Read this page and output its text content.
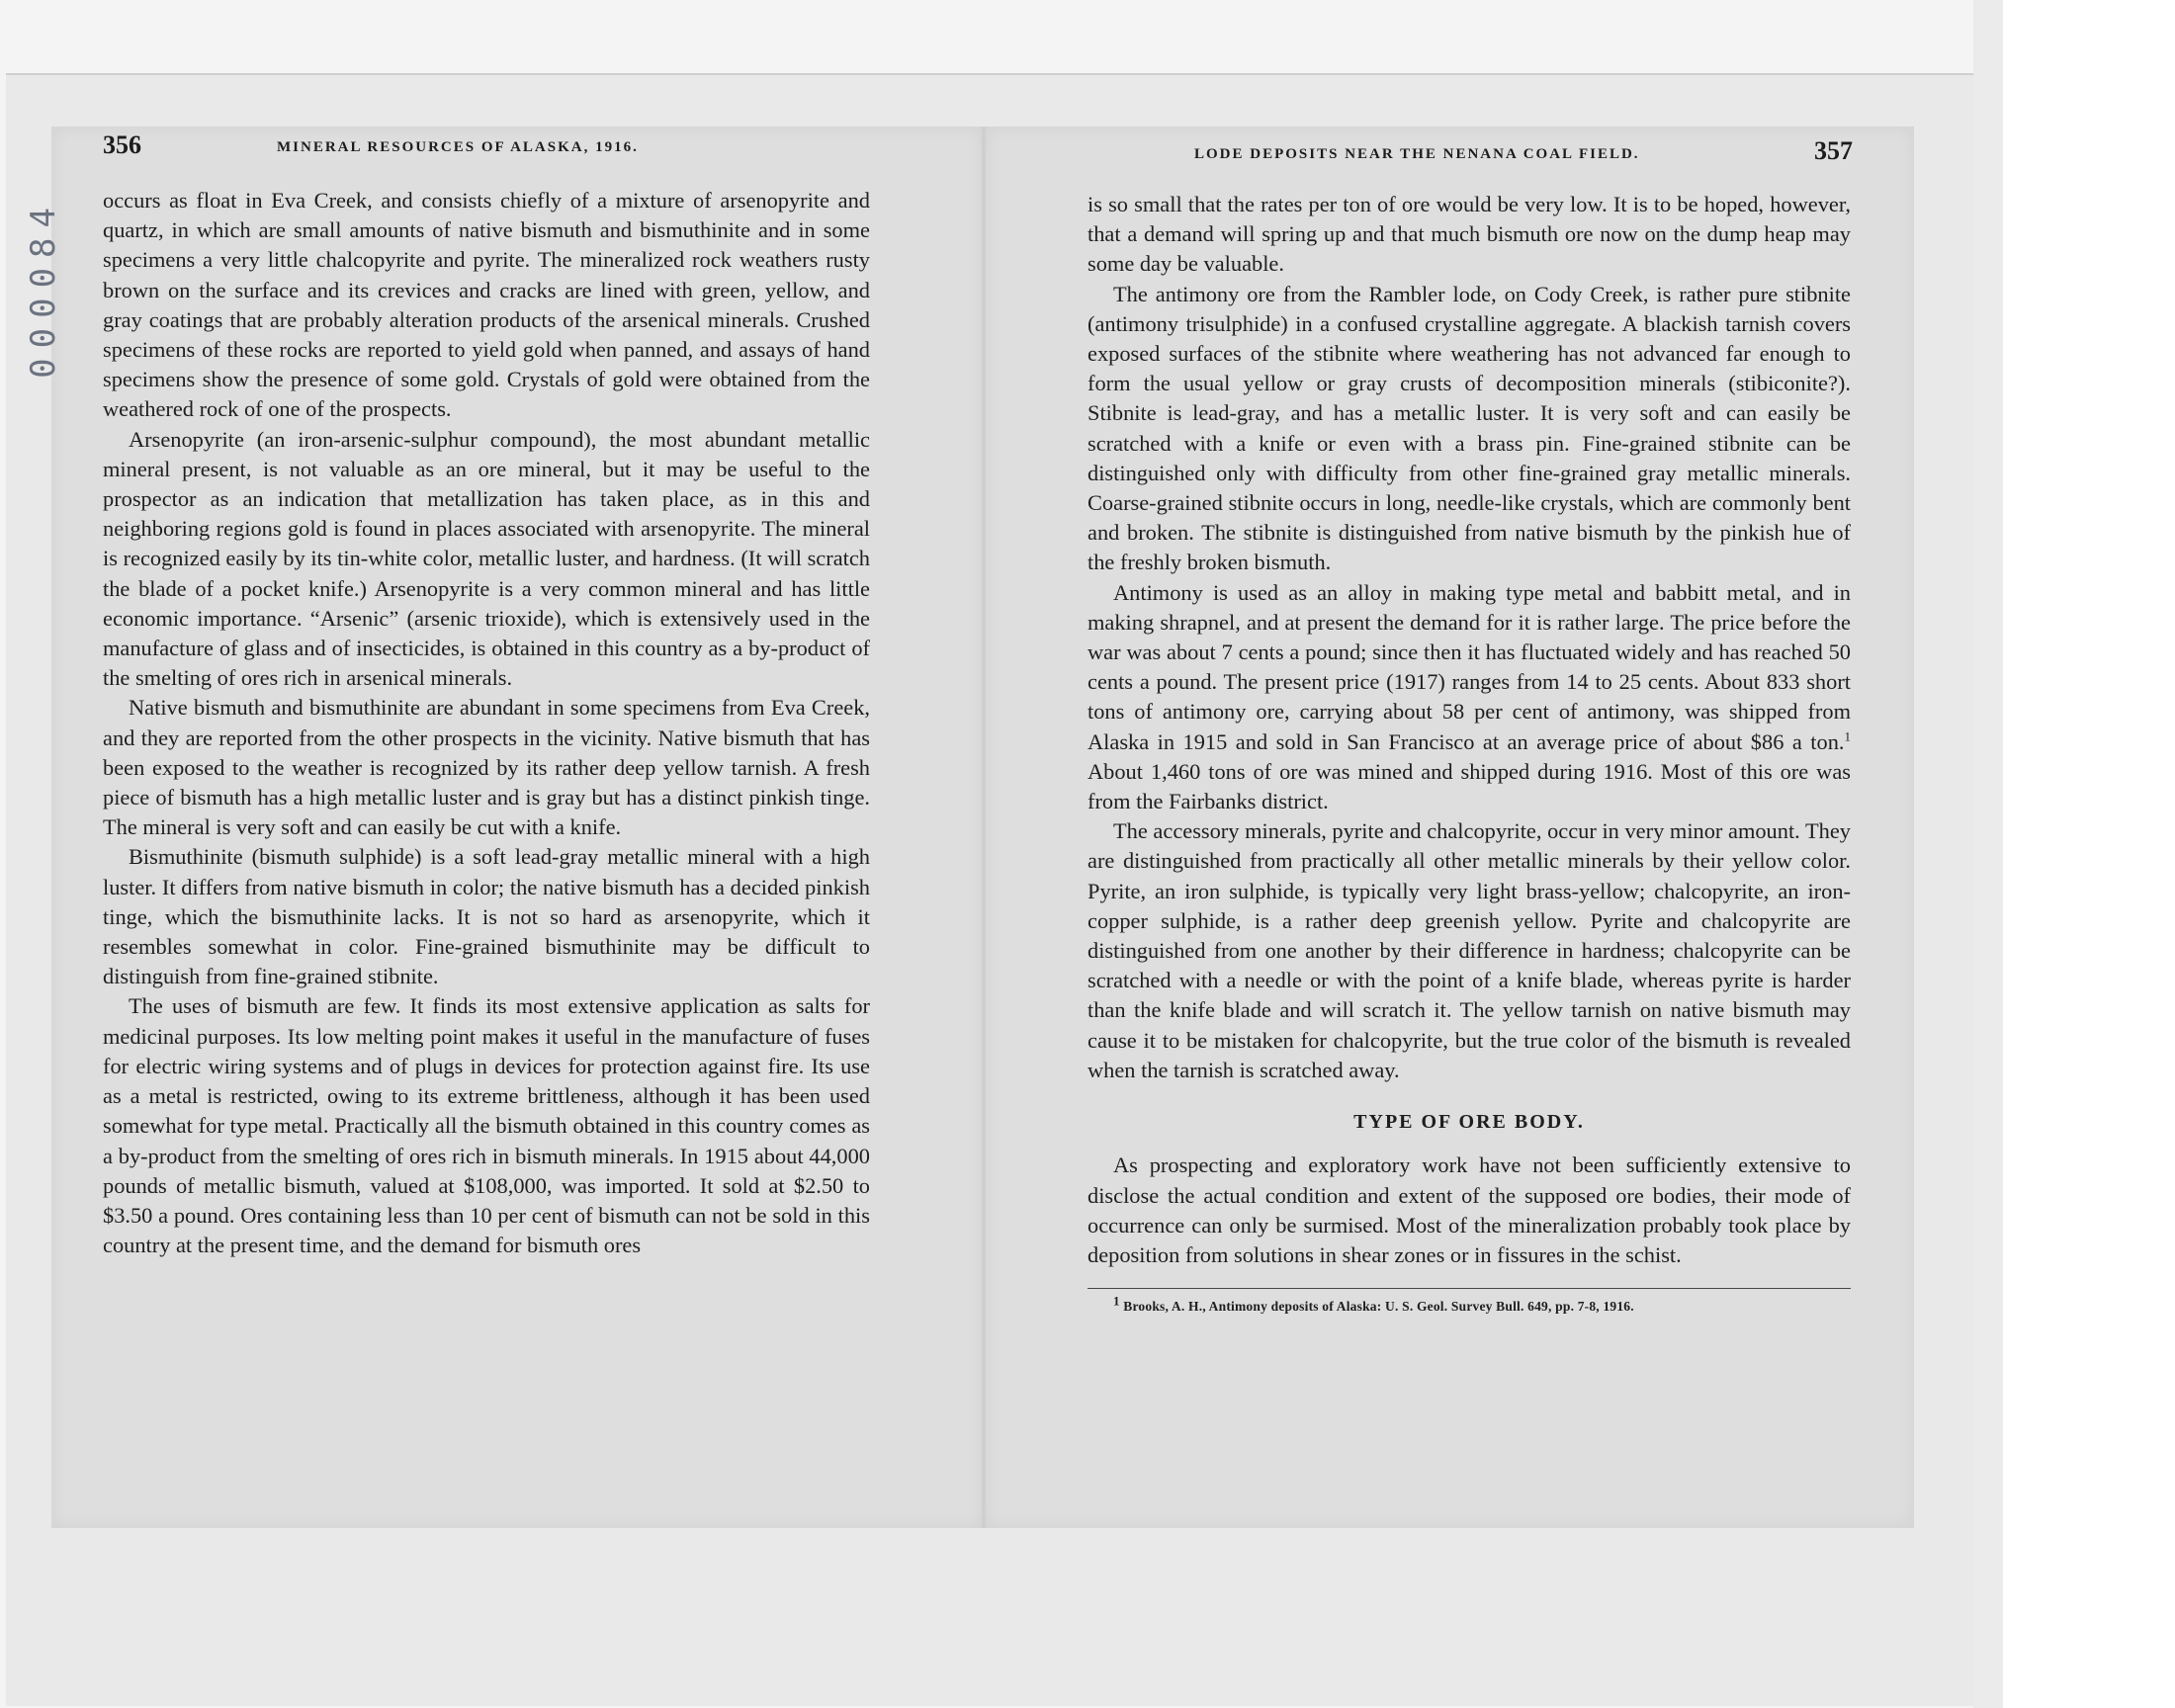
000084
356	MINERAL RESOURCES OF ALASKA, 1916.	LODE DEPOSITS NEAR THE NENANA COAL FIELD.	357

occurs as float in Eva Creek, and consists chiefly of a mixture of arsenopyrite and quartz, in which are small amounts of native bismuth and bismuthinite and in some specimens a very little chalcopyrite and pyrite. The mineralized rock weathers rusty brown on the surface and its crevices and cracks are lined with green, yellow, and gray coatings that are probably alteration products of the arsenical minerals. Crushed specimens of these rocks are reported to yield gold when panned, and assays of hand specimens show the presence of some gold. Crystals of gold were obtained from the weathered rock of one of the prospects.

Arsenopyrite (an iron-arsenic-sulphur compound), the most abundant metallic mineral present, is not valuable as an ore mineral, but it may be useful to the prospector as an indication that metallization has taken place, as in this and neighboring regions gold is found in places associated with arsenopyrite. The mineral is recognized easily by its tin-white color, metallic luster, and hardness. (It will scratch the blade of a pocket knife.) Arsenopyrite is a very common mineral and has little economic importance. “Arsenic” (arsenic trioxide), which is extensively used in the manufacture of glass and of insecticides, is obtained in this country as a by-product of the smelting of ores rich in arsenical minerals.

Native bismuth and bismuthinite are abundant in some specimens from Eva Creek, and they are reported from the other prospects in the vicinity. Native bismuth that has been exposed to the weather is recognized by its rather deep yellow tarnish. A fresh piece of bismuth has a high metallic luster and is gray but has a distinct pinkish tinge. The mineral is very soft and can easily be cut with a knife.

Bismuthinite (bismuth sulphide) is a soft lead-gray metallic mineral with a high luster. It differs from native bismuth in color; the native bismuth has a decided pinkish tinge, which the bismuthinite lacks. It is not so hard as arsenopyrite, which it resembles somewhat in color. Fine-grained bismuthinite may be difficult to distinguish from fine-grained stibnite.

The uses of bismuth are few. It finds its most extensive application as salts for medicinal purposes. Its low melting point makes it useful in the manufacture of fuses for electric wiring systems and of plugs in devices for protection against fire. Its use as a metal is restricted, owing to its extreme brittleness, although it has been used somewhat for type metal. Practically all the bismuth obtained in this country comes as a by-product from the smelting of ores rich in bismuth minerals. In 1915 about 44,000 pounds of metallic bismuth, valued at $108,000, was imported. It sold at $2.50 to $3.50 a pound. Ores containing less than 10 per cent of bismuth can not be sold in this country at the present time, and the demand for bismuth ores

is so small that the rates per ton of ore would be very low. It is to be hoped, however, that a demand will spring up and that much bismuth ore now on the dump heap may some day be valuable.

The antimony ore from the Rambler lode, on Cody Creek, is rather pure stibnite (antimony trisulphide) in a confused crystalline aggregate. A blackish tarnish covers exposed surfaces of the stibnite where weathering has not advanced far enough to form the usual yellow or gray crusts of decomposition minerals (stibiconite?). Stibnite is lead-gray, and has a metallic luster. It is very soft and can easily be scratched with a knife or even with a brass pin. Fine-grained stibnite can be distinguished only with difficulty from other fine-grained gray metallic minerals. Coarse-grained stibnite occurs in long, needle-like crystals, which are commonly bent and broken. The stibnite is distinguished from native bismuth by the pinkish hue of the freshly broken bismuth.

Antimony is used as an alloy in making type metal and babbitt metal, and in making shrapnel, and at present the demand for it is rather large. The price before the war was about 7 cents a pound; since then it has fluctuated widely and has reached 50 cents a pound. The present price (1917) ranges from 14 to 25 cents. About 833 short tons of antimony ore, carrying about 58 per cent of antimony, was shipped from Alaska in 1915 and sold in San Francisco at an average price of about $86 a ton.$^1$ About 1,460 tons of ore was mined and shipped during 1916. Most of this ore was from the Fairbanks district.

The accessory minerals, pyrite and chalcopyrite, occur in very minor amount. They are distinguished from practically all other metallic minerals by their yellow color. Pyrite, an iron sulphide, is typically very light brass-yellow; chalcopyrite, an iron-copper sulphide, is a rather deep greenish yellow. Pyrite and chalcopyrite are distinguished from one another by their difference in hardness; chalcopyrite can be scratched with a needle or with the point of a knife blade, whereas pyrite is harder than the knife blade and will scratch it. The yellow tarnish on native bismuth may cause it to be mistaken for chalcopyrite, but the true color of the bismuth is revealed when the tarnish is scratched away.

TYPE OF ORE BODY.

As prospecting and exploratory work have not been sufficiently extensive to disclose the actual condition and extent of the supposed ore bodies, their mode of occurrence can only be surmised. Most of the mineralization probably took place by deposition from solutions in shear zones or in fissures in the schist.

$^1$ Brooks, A. H., Antimony deposits of Alaska: U. S. Geol. Survey Bull. 649, pp. 7-8, 1916.
